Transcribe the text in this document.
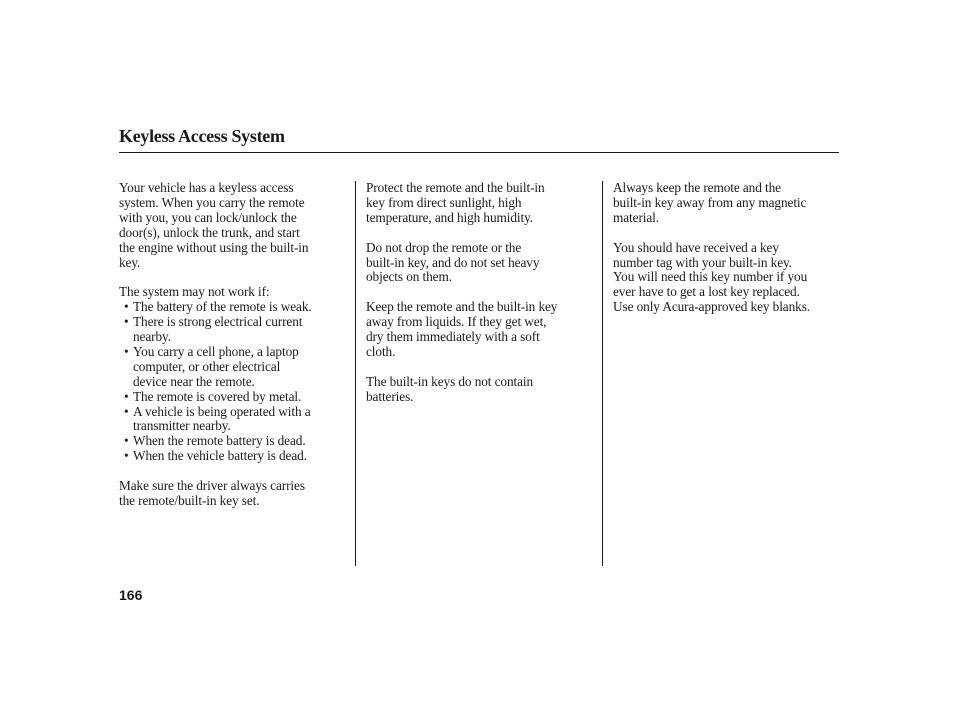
Keyless Access System

Your vehicle has a keyless access
system. When you carry the remote
with you, you can lock/unlock the
door(s), unlock the trunk, and start
the engine without using the built-in
key.

The system may not work if:

• The battery of the remote is weak.
• There is strong electrical current
nearby.
• You carry a cell phone, a laptop
computer, or other electrical
device near the remote.
• The remote is covered by metal.
• A vehicle is being operated with a
transmitter nearby.
• When the remote battery is dead.
• When the vehicle battery is dead.

Make sure the driver always carries
the remote/built-in key set.

Protect the remote and the built-in
key from direct sunlight, high
temperature, and high humidity.

Do not drop the remote or the
built-in key, and do not set heavy
objects on them.

Keep the remote and the built-in key
away from liquids. If they get wet,
dry them immediately with a soft
cloth.

The built-in keys do not contain
batteries.

Always keep the remote and the
built-in key away from any magnetic
material.

You should have received a key
number tag with your built-in key.
You will need this key number if you
ever have to get a lost key replaced.
Use only Acura-approved key blanks.

166
